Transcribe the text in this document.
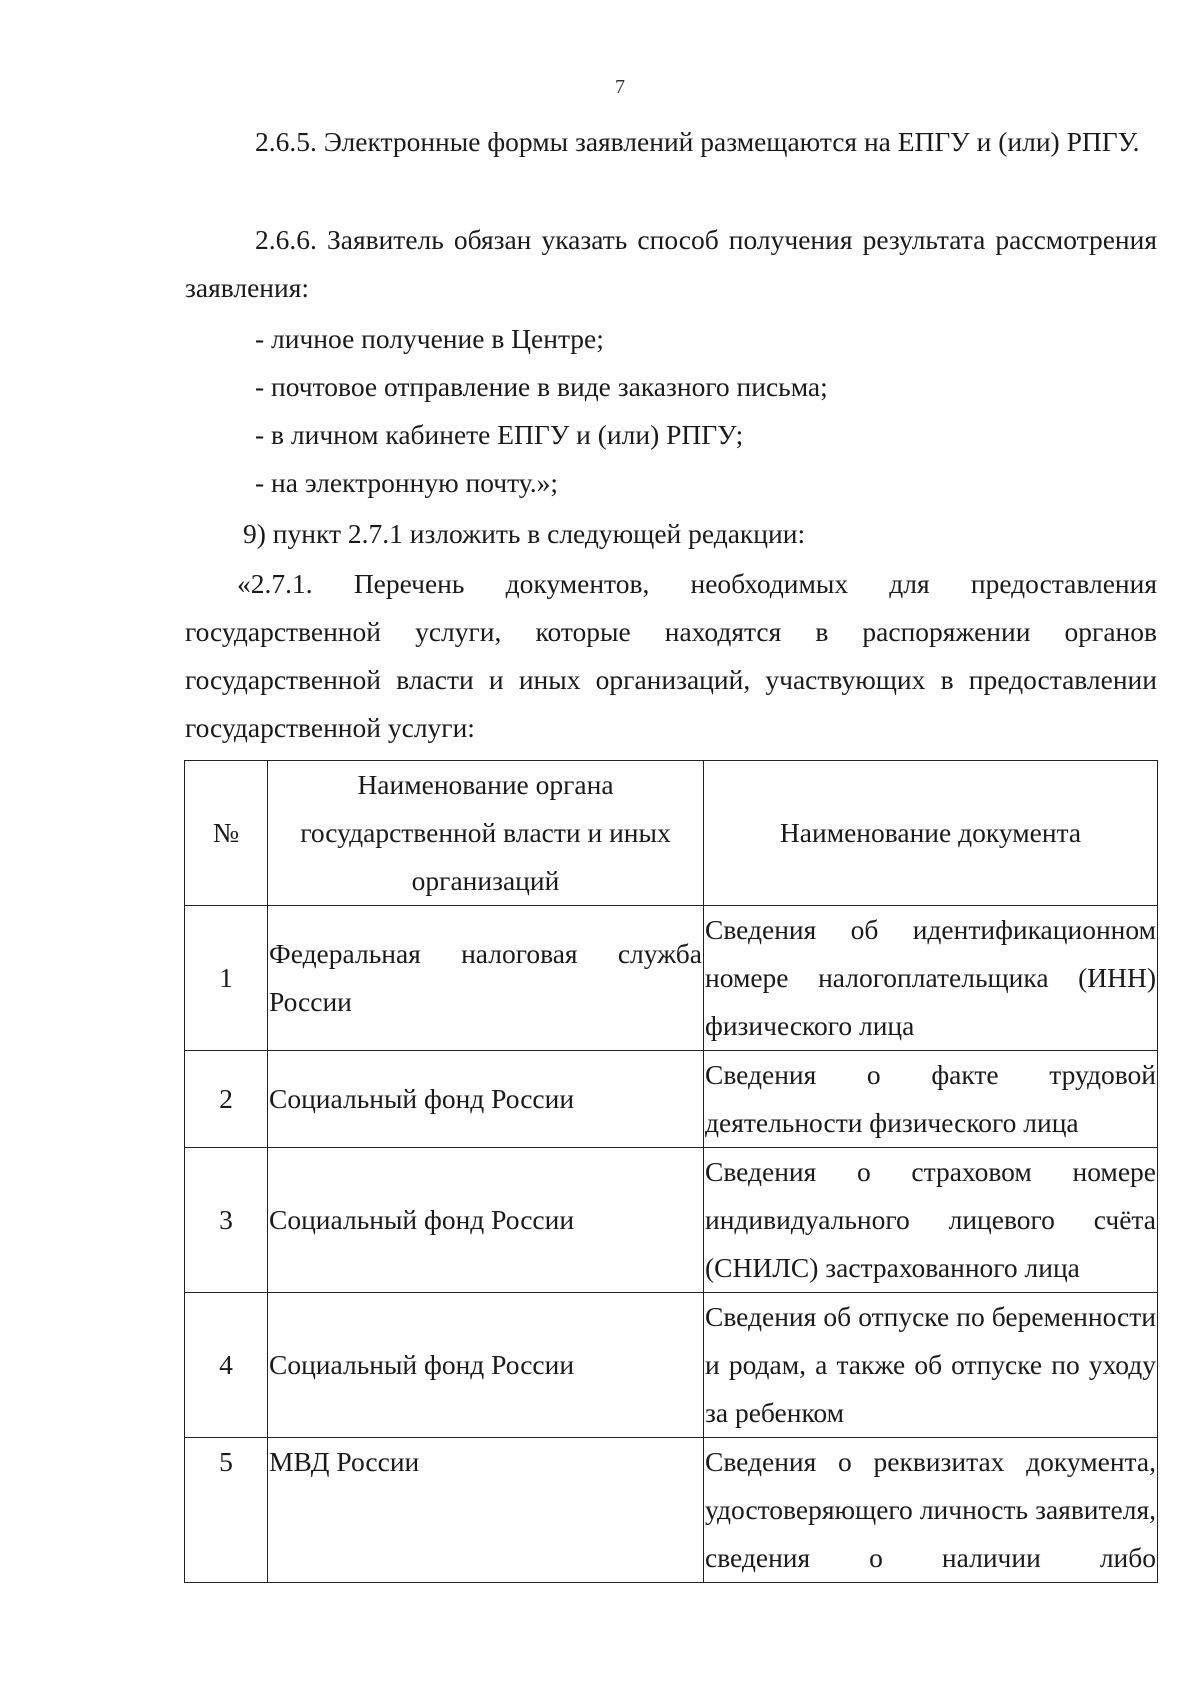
7

2.6.5. Электронные формы заявлений размещаются на ЕПГУ и (или) РПГУ.

2.6.6. Заявитель обязан указать способ получения результата рассмотрения заявления:

- личное получение в Центре;

- почтовое отправление в виде заказного письма;

- в личном кабинете ЕПГУ и (или) РПГУ;

- на электронную почту.»;

9) пункт 2.7.1 изложить в следующей редакции:

«2.7.1. Перечень документов, необходимых для предоставления государственной услуги, которые находятся в распоряжении органов государственной власти и иных организаций, участвующих в предоставлении государственной услуги:

№	Наименование органа государственной власти и иных организаций	Наименование документа
1	Федеральная налоговая служба России	Сведения об идентификационном номере налогоплательщика (ИНН) физического лица
2	Социальный фонд России	Сведения о факте трудовой деятельности физического лица
3	Социальный фонд России	Сведения о страховом номере индивидуального лицевого счёта (СНИЛС) застрахованного лица
4	Социальный фонд России	Сведения об отпуске по беременности и родам, а также об отпуске по уходу за ребенком
5	МВД России	Сведения о реквизитах документа, удостоверяющего личность заявителя, сведения о наличии либо
